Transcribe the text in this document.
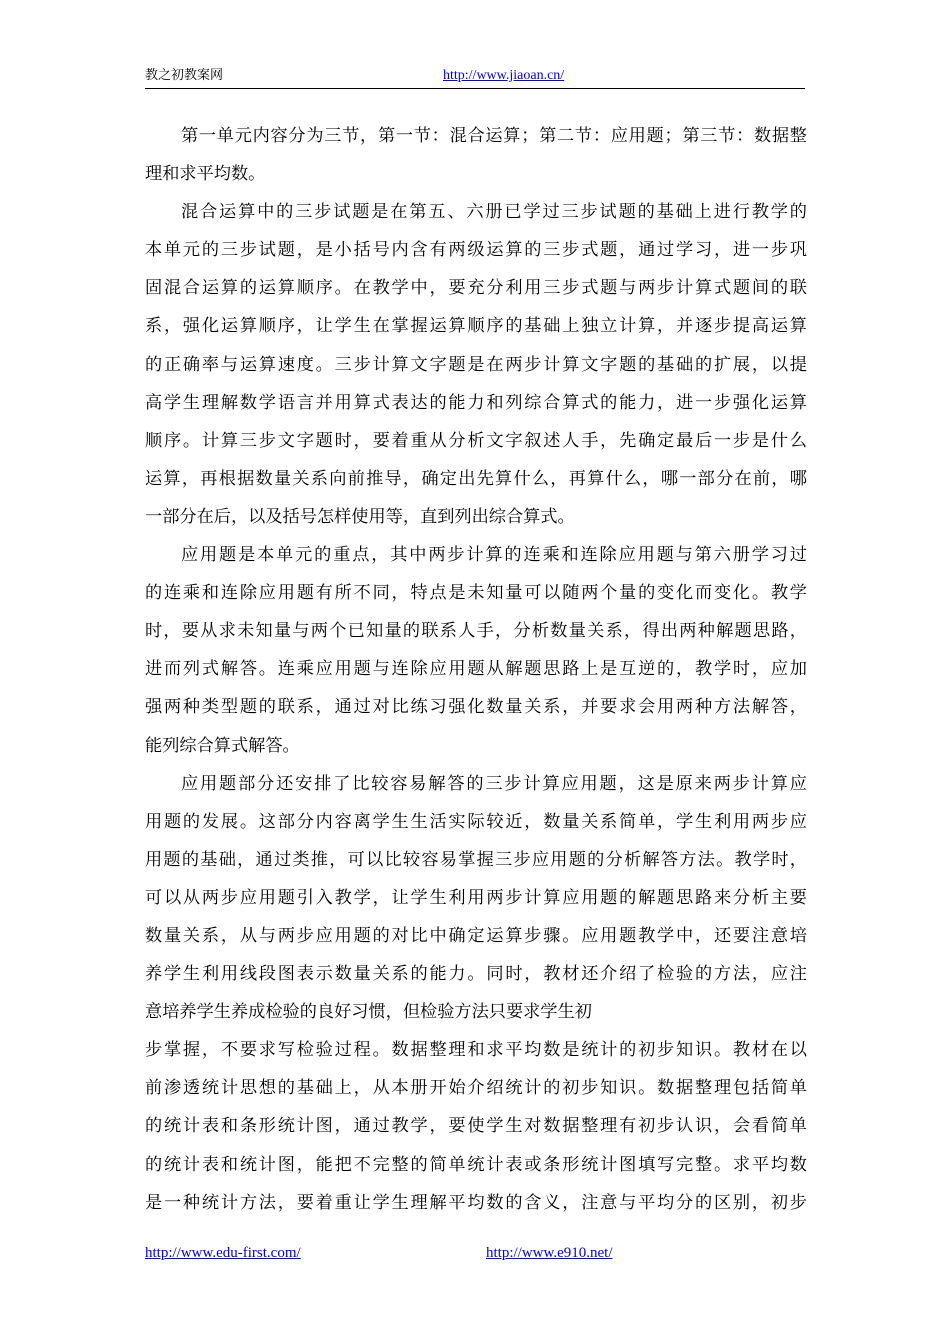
教之初教案网	http://www.jiaoan.cn/
第一单元内容分为三节，第一节：混合运算；第二节：应用题；第三节：数据整
理和求平均数。
混合运算中的三步试题是在第五、六册已学过三步试题的基础上进行教学的
本单元的三步试题，是小括号内含有两级运算的三步式题，通过学习，进一步巩
固混合运算的运算顺序。在教学中，要充分利用三步式题与两步计算式题间的联
系，强化运算顺序，让学生在掌握运算顺序的基础上独立计算，并逐步提高运算
的正确率与运算速度。三步计算文字题是在两步计算文字题的基础的扩展，以提
高学生理解数学语言并用算式表达的能力和列综合算式的能力，进一步强化运算
顺序。计算三步文字题时，要着重从分析文字叙述人手，先确定最后一步是什么
运算，再根据数量关系向前推导，确定出先算什么，再算什么，哪一部分在前，哪
一部分在后，以及括号怎样使用等，直到列出综合算式。
应用题是本单元的重点，其中两步计算的连乘和连除应用题与第六册学习过
的连乘和连除应用题有所不同，特点是未知量可以随两个量的变化而变化。教学
时，要从求未知量与两个已知量的联系人手，分析数量关系，得出两种解题思路，
进而列式解答。连乘应用题与连除应用题从解题思路上是互逆的，教学时，应加
强两种类型题的联系，通过对比练习强化数量关系，并要求会用两种方法解答，
能列综合算式解答。
应用题部分还安排了比较容易解答的三步计算应用题，这是原来两步计算应
用题的发展。这部分内容离学生生活实际较近，数量关系简单，学生利用两步应
用题的基础，通过类推，可以比较容易掌握三步应用题的分析解答方法。教学时，
可以从两步应用题引入教学，让学生利用两步计算应用题的解题思路来分析主要
数量关系，从与两步应用题的对比中确定运算步骤。应用题教学中，还要注意培
养学生利用线段图表示数量关系的能力。同时，教材还介绍了检验的方法，应注
意培养学生养成检验的良好习惯，但检验方法只要求学生初
步掌握，不要求写检验过程。数据整理和求平均数是统计的初步知识。教材在以
前渗透统计思想的基础上，从本册开始介绍统计的初步知识。数据整理包括简单
的统计表和条形统计图，通过教学，要使学生对数据整理有初步认识，会看简单
的统计表和统计图，能把不完整的简单统计表或条形统计图填写完整。求平均数
是一种统计方法，要着重让学生理解平均数的含义，注意与平均分的区别，初步
http://www.edu-first.com/	http://www.e910.net/
